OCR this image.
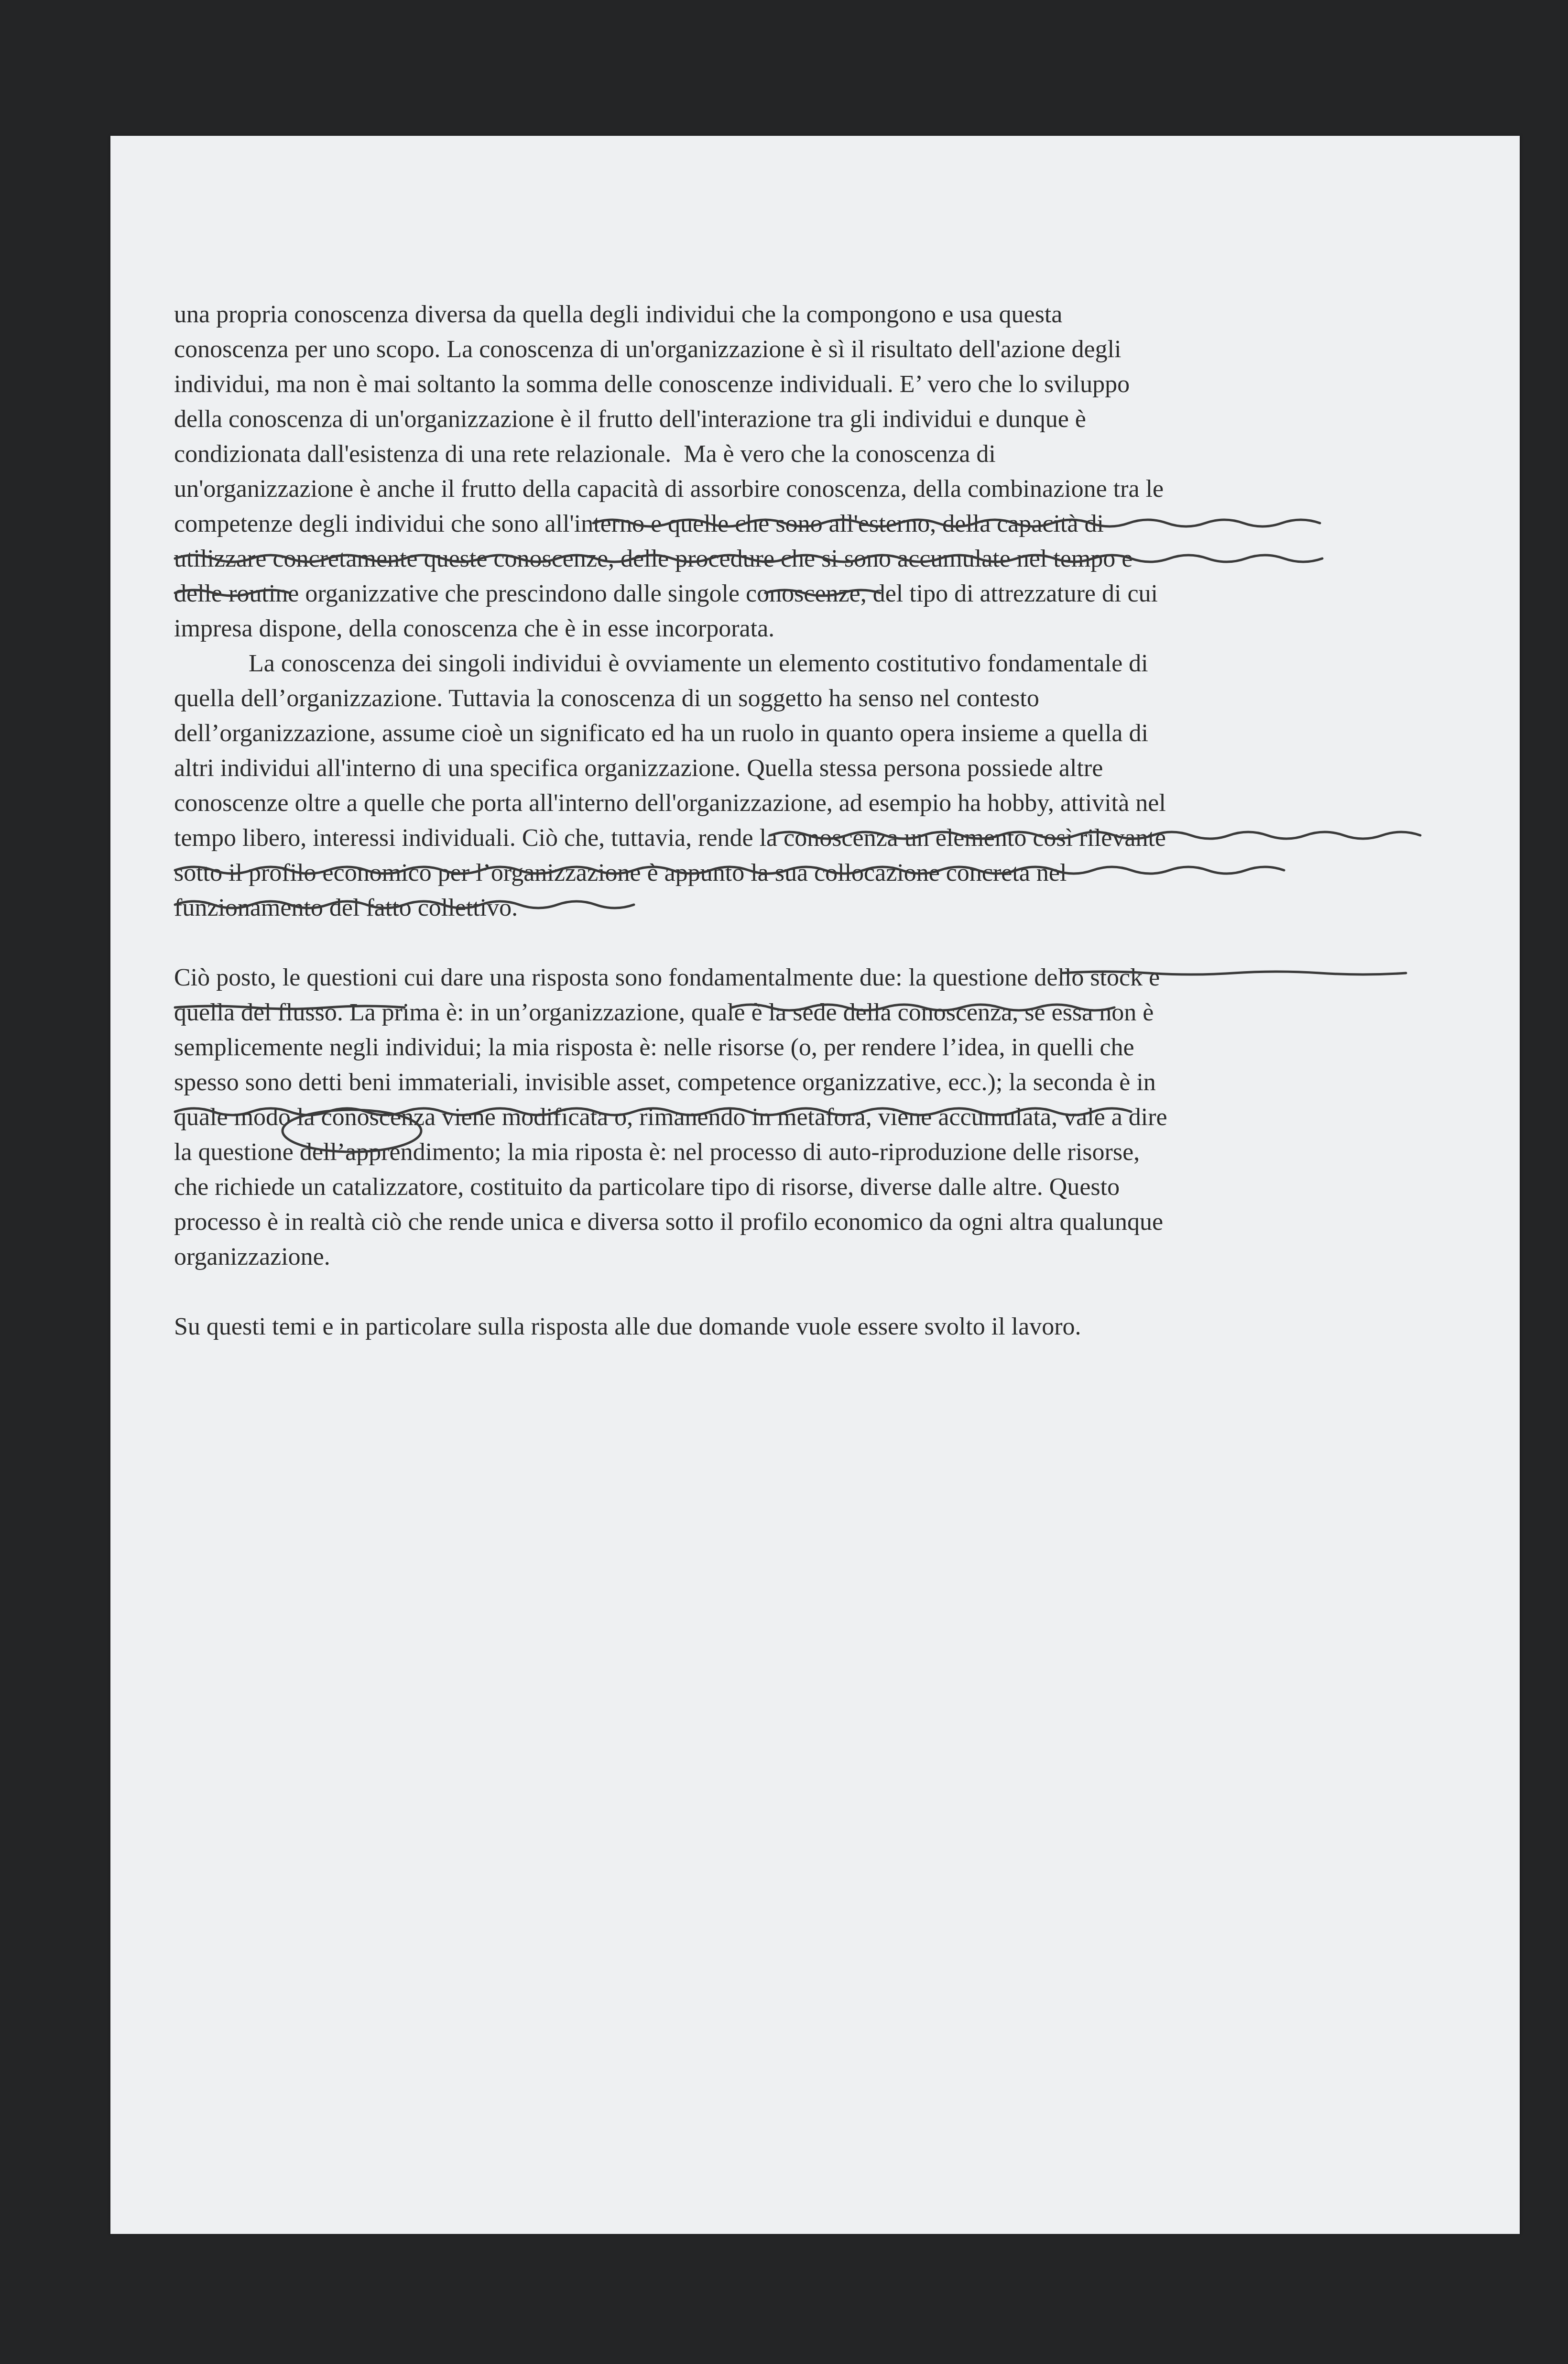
una propria conoscenza diversa da quella degli individui che la compongono e usa questa
conoscenza per uno scopo. La conoscenza di un'organizzazione è sì il risultato dell'azione degli
individui, ma non è mai soltanto la somma delle conoscenze individuali. E’ vero che lo sviluppo
della conoscenza di un'organizzazione è il frutto dell'interazione tra gli individui e dunque è
condizionata dall'esistenza di una rete relazionale.  Ma è vero che la conoscenza di
un'organizzazione è anche il frutto della capacità di assorbire conoscenza, della combinazione tra le
competenze degli individui che sono all'interno e quelle che sono all'esterno, della capacità di
utilizzare concretamente queste conoscenze, delle procedure che si sono accumulate nel tempo e
delle routine organizzative che prescindono dalle singole conoscenze, del tipo di attrezzature di cui
impresa dispone, della conoscenza che è in esse incorporata.
La conoscenza dei singoli individui è ovviamente un elemento costitutivo fondamentale di
quella dell’organizzazione. Tuttavia la conoscenza di un soggetto ha senso nel contesto
dell’organizzazione, assume cioè un significato ed ha un ruolo in quanto opera insieme a quella di
altri individui all'interno di una specifica organizzazione. Quella stessa persona possiede altre
conoscenze oltre a quelle che porta all'interno dell'organizzazione, ad esempio ha hobby, attività nel
tempo libero, interessi individuali. Ciò che, tuttavia, rende la conoscenza un elemento così rilevante
sotto il profilo economico per l’organizzazione è appunto la sua collocazione concreta nel
funzionamento del fatto collettivo.
Ciò posto, le questioni cui dare una risposta sono fondamentalmente due: la questione dello stock e
quella del flusso. La prima è: in un’organizzazione, quale è la sede della conoscenza, se essa non è
semplicemente negli individui; la mia risposta è: nelle risorse (o, per rendere l’idea, in quelli che
spesso sono detti beni immateriali, invisible asset, competence organizzative, ecc.); la seconda è in
quale modo la conoscenza viene modificata o, rimanendo in metafora, viene accumulata, vale a dire
la questione dell’apprendimento; la mia riposta è: nel processo di auto-riproduzione delle risorse,
che richiede un catalizzatore, costituito da particolare tipo di risorse, diverse dalle altre. Questo
processo è in realtà ciò che rende unica e diversa sotto il profilo economico da ogni altra qualunque
organizzazione.
Su questi temi e in particolare sulla risposta alle due domande vuole essere svolto il lavoro.
